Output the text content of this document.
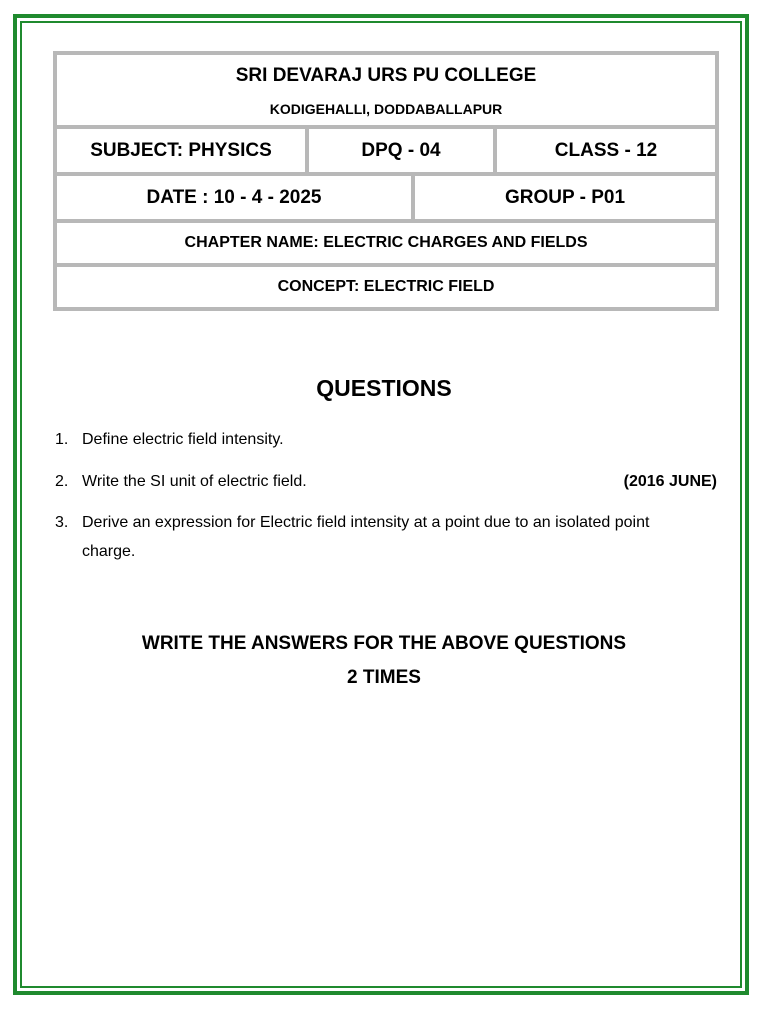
SRI DEVARAJ URS PU COLLEGE
KODIGEHALLI, DODDABALLAPUR			

SUBJECT: PHYSICS	DPQ - 04		CLASS - 12
DATE : 10 - 4 - 2025		GROUP - P01	
CHAPTER NAME: ELECTRIC CHARGES AND FIELDS			
CONCEPT: ELECTRIC FIELD			
QUESTIONS
1. Define electric field intensity.
2. Write the SI unit of electric field.	(2016 JUNE)
3. Derive an expression for Electric field intensity at a point due to an isolated point charge.
WRITE THE ANSWERS FOR THE ABOVE QUESTIONS
2 TIMES
